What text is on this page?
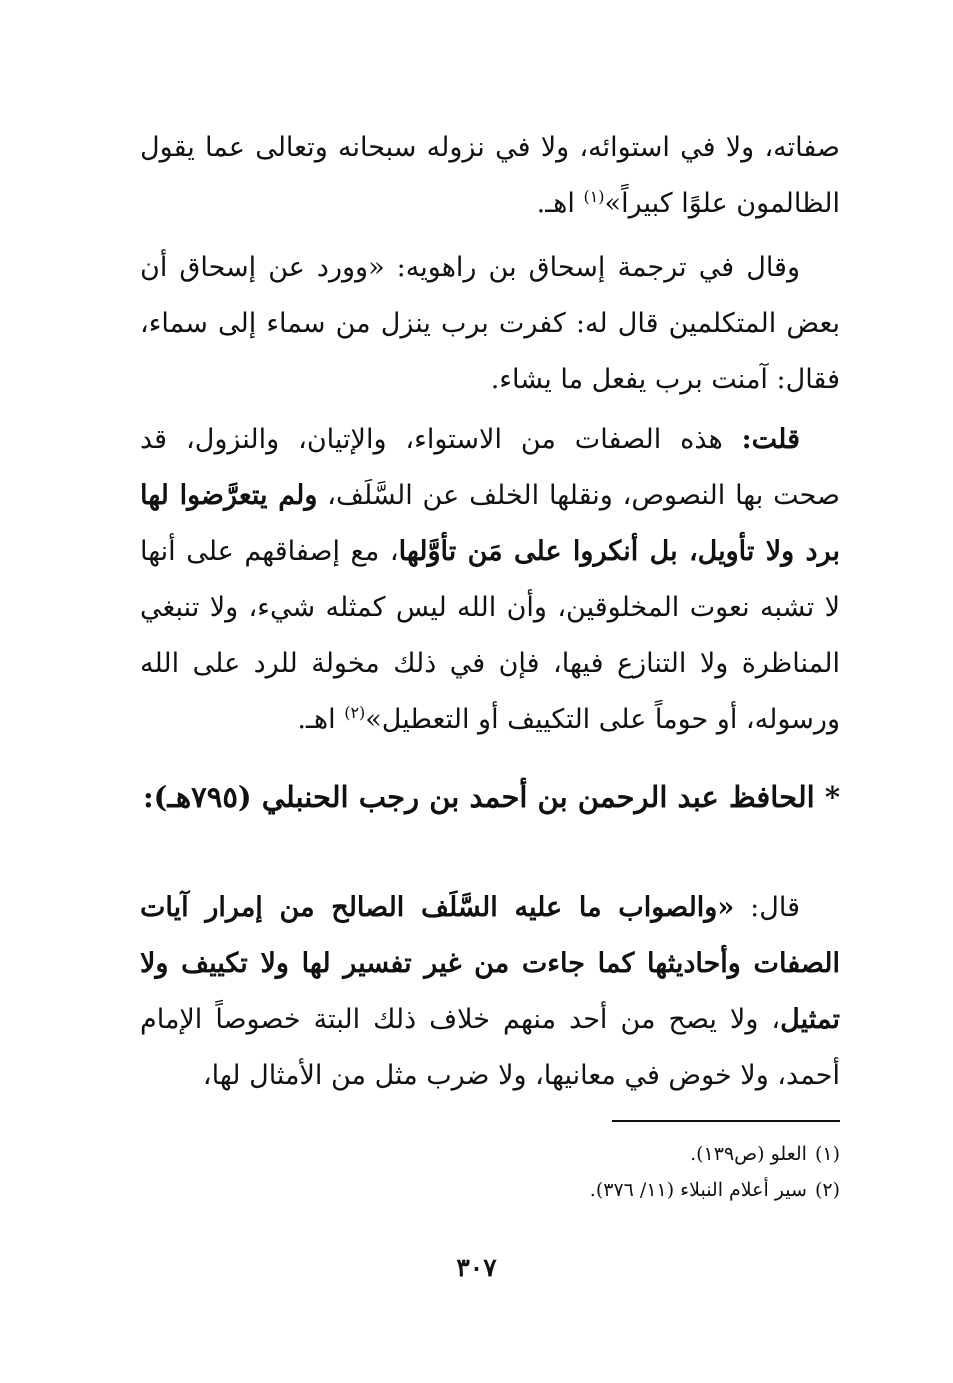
صفاته، ولا في استوائه، ولا في نزوله سبحانه وتعالى عما يقول الظالمون علوًا كبيراً»$^{(١)}$ اهـ.

وقال في ترجمة إسحاق بن راهويه: «وورد عن إسحاق أن بعض المتكلمين قال له: كفرت برب ينزل من سماء إلى سماء، فقال: آمنت برب يفعل ما يشاء.

قلت: هذه الصفات من الاستواء، والإتيان، والنزول، قد صحت بها النصوص، ونقلها الخلف عن السَّلَف، ولم يتعرَّضوا لها برد ولا تأويل، بل أنكروا على مَن تأوَّلها، مع إصفاقهم على أنها لا تشبه نعوت المخلوقين، وأن الله ليس كمثله شيء، ولا تنبغي المناظرة ولا التنازع فيها، فإن في ذلك مخولة للرد على الله ورسوله، أو حوماً على التكييف أو التعطيل»$^{(٢)}$ اهـ.

* الحافظ عبد الرحمن بن أحمد بن رجب الحنبلي (٧٩٥هـ):

قال: «والصواب ما عليه السَّلَف الصالح من إمرار آيات الصفات وأحاديثها كما جاءت من غير تفسير لها ولا تكييف ولا تمثيل، ولا يصح من أحد منهم خلاف ذلك البتة خصوصاً الإمام أحمد، ولا خوض في معانيها، ولا ضرب مثل من الأمثال لها،

(١)العلو (ص١٣٩).
(٢)سير أعلام النبلاء (١١/ ٣٧٦).
٣٠٧
